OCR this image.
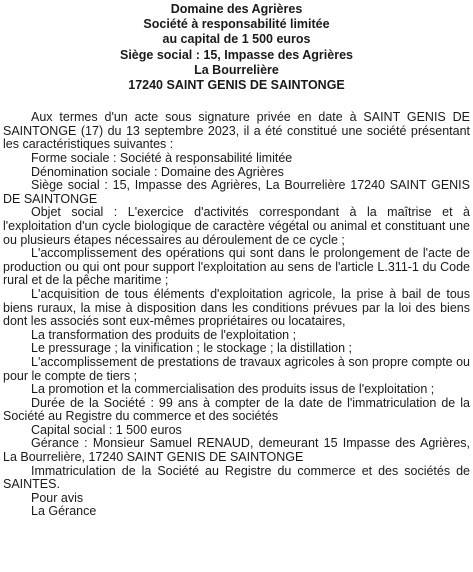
Domaine des Agrières
Société à responsabilité limitée
au capital de 1 500 euros
Siège social : 15, Impasse des Agrières
La Bourrelière
17240 SAINT GENIS DE SAINTONGE

Aux termes d'un acte sous signature privée en date à SAINT GENIS DE SAINTONGE (17) du 13 septembre 2023, il a été constitué une société présentant les caractéristiques suivantes :

Forme sociale : Société à responsabilité limitée

Dénomination sociale : Domaine des Agrières

Siège social : 15, Impasse des Agrières, La Bourrelière 17240 SAINT GENIS DE SAINTONGE

Objet social : L'exercice d'activités correspondant à la maîtrise et à l'exploitation d'un cycle biologique de caractère végétal ou animal et constituant une ou plusieurs étapes nécessaires au déroulement de ce cycle ;

L'accomplissement des opérations qui sont dans le prolongement de l'acte de production ou qui ont pour support l'exploitation au sens de l'article L.311-1 du Code rural et de la pêche maritime ;

L'acquisition de tous éléments d'exploitation agricole, la prise à bail de tous biens ruraux, la mise à disposition dans les conditions prévues par la loi des biens dont les associés sont eux-mêmes propriétaires ou locataires,

La transformation des produits de l'exploitation ;

Le pressurage ; la vinification ; le stockage ; la distillation ;

L'accomplissement de prestations de travaux agricoles à son propre compte ou pour le compte de tiers ;

La promotion et la commercialisation des produits issus de l'exploitation ;

Durée de la Société : 99 ans à compter de la date de l'immatriculation de la Société au Registre du commerce et des sociétés

Capital social : 1 500 euros

Gérance : Monsieur Samuel RENAUD, demeurant 15 Impasse des Agrières, La Bourrelière, 17240 SAINT GENIS DE SAINTONGE

Immatriculation de la Société au Registre du commerce et des sociétés de SAINTES.

Pour avis

La Gérance
